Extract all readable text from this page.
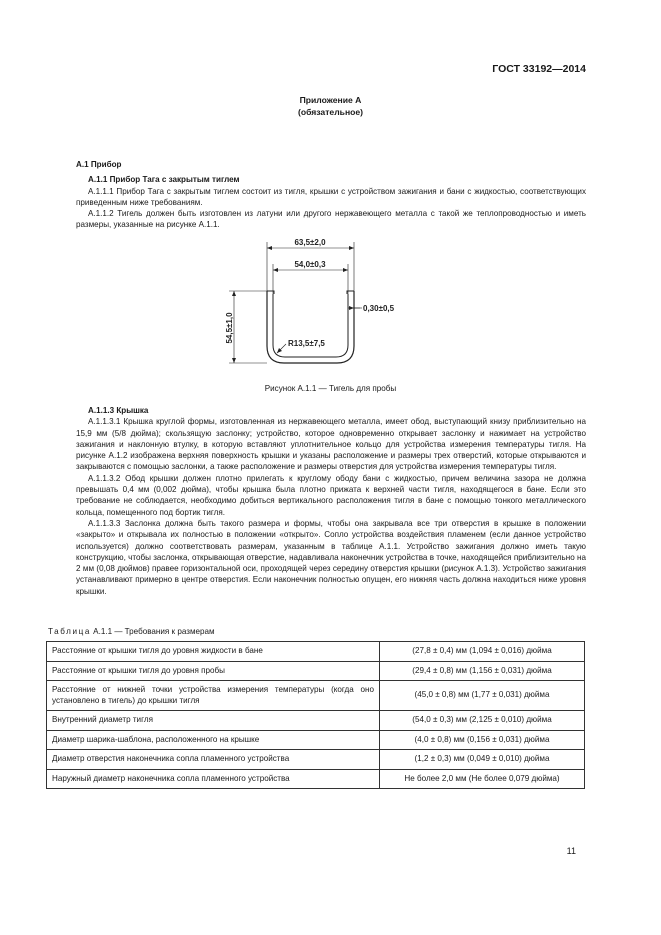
ГОСТ 33192—2014
Приложение А
(обязательное)

А.1 Прибор

А.1.1 Прибор Тага с закрытым тиглем

А.1.1.1 Прибор Тага с закрытым тиглем состоит из тигля, крышки с устройством зажигания и бани с жидкостью, соответствующих приведенным ниже требованиям.

А.1.1.2 Тигель должен быть изготовлен из латуни или другого нержавеющего металла с такой же теплопроводностью и иметь размеры, указанные на рисунке А.1.1.

63,5±2,0
54,0±0,3
0,30±0,5
54,5±1,0	R13,5±7,5
Рисунок А.1.1 — Тигель для пробы

А.1.1.3 Крышка

А.1.1.3.1 Крышка круглой формы, изготовленная из нержавеющего металла, имеет обод, выступающий книзу приблизительно на 15,9 мм (5/8 дюйма); скользящую заслонку; устройство, которое одновременно открывает заслонку и нажимает на устройство зажигания и наклонную втулку, в которую вставляют уплотнительное кольцо для устройства измерения температуры тигля. На рисунке А.1.2 изображена верхняя поверхность крышки и указаны расположение и размеры трех отверстий, которые открываются и закрываются с помощью заслонки, а также расположение и размеры отверстия для устройства измерения температуры тигля.

А.1.1.3.2 Обод крышки должен плотно прилегать к круглому ободу бани с жидкостью, причем величина зазора не должна превышать 0,4 мм (0,002 дюйма), чтобы крышка была плотно прижата к верхней части тигля, находящегося в бане. Если это требование не соблюдается, необходимо добиться вертикального расположения тигля в бане с помощью тонкого металлического кольца, помещенного под бортик тигля.

А.1.1.3.3 Заслонка должна быть такого размера и формы, чтобы она закрывала все три отверстия в крышке в положении «закрыто» и открывала их полностью в положении «открыто». Сопло устройства воздействия пламенем (если данное устройство используется) должно соответствовать размерам, указанным в таблице А.1.1. Устройство зажигания должно иметь такую конструкцию, чтобы заслонка, открывающая отверстие, надавливала наконечник устройства в точке, находящейся приблизительно на 2 мм (0,08 дюймов) правее горизонтальной оси, проходящей через середину отверстия крышки (рисунок А.1.3). Устройство зажигания устанавливают примерно в центре отверстия. Если наконечник полностью опущен, его нижняя часть должна находиться ниже уровня крышки.

Таблица А.1.1 — Требования к размерам
Расстояние от крышки тигля до уровня жидкости в бане	(27,8 ± 0,4) мм (1,094 ± 0,016) дюйма
Расстояние от крышки тигля до уровня пробы	(29,4 ± 0,8) мм (1,156 ± 0,031) дюйма
Расстояние от нижней точки устройства измерения температуры (когда оно установлено в тигель) до крышки тигля	(45,0 ± 0,8) мм (1,77 ± 0,031) дюйма
Внутренний диаметр тигля	(54,0 ± 0,3) мм (2,125 ± 0,010) дюйма
Диаметр шарика-шаблона, расположенного на крышке	(4,0 ± 0,8) мм (0,156 ± 0,031) дюйма
Диаметр отверстия наконечника сопла пламенного устройства	(1,2 ± 0,3) мм (0,049 ± 0,010) дюйма
Наружный диаметр наконечника сопла пламенного устройства	Не более 2,0 мм (Не более 0,079 дюйма)
11
